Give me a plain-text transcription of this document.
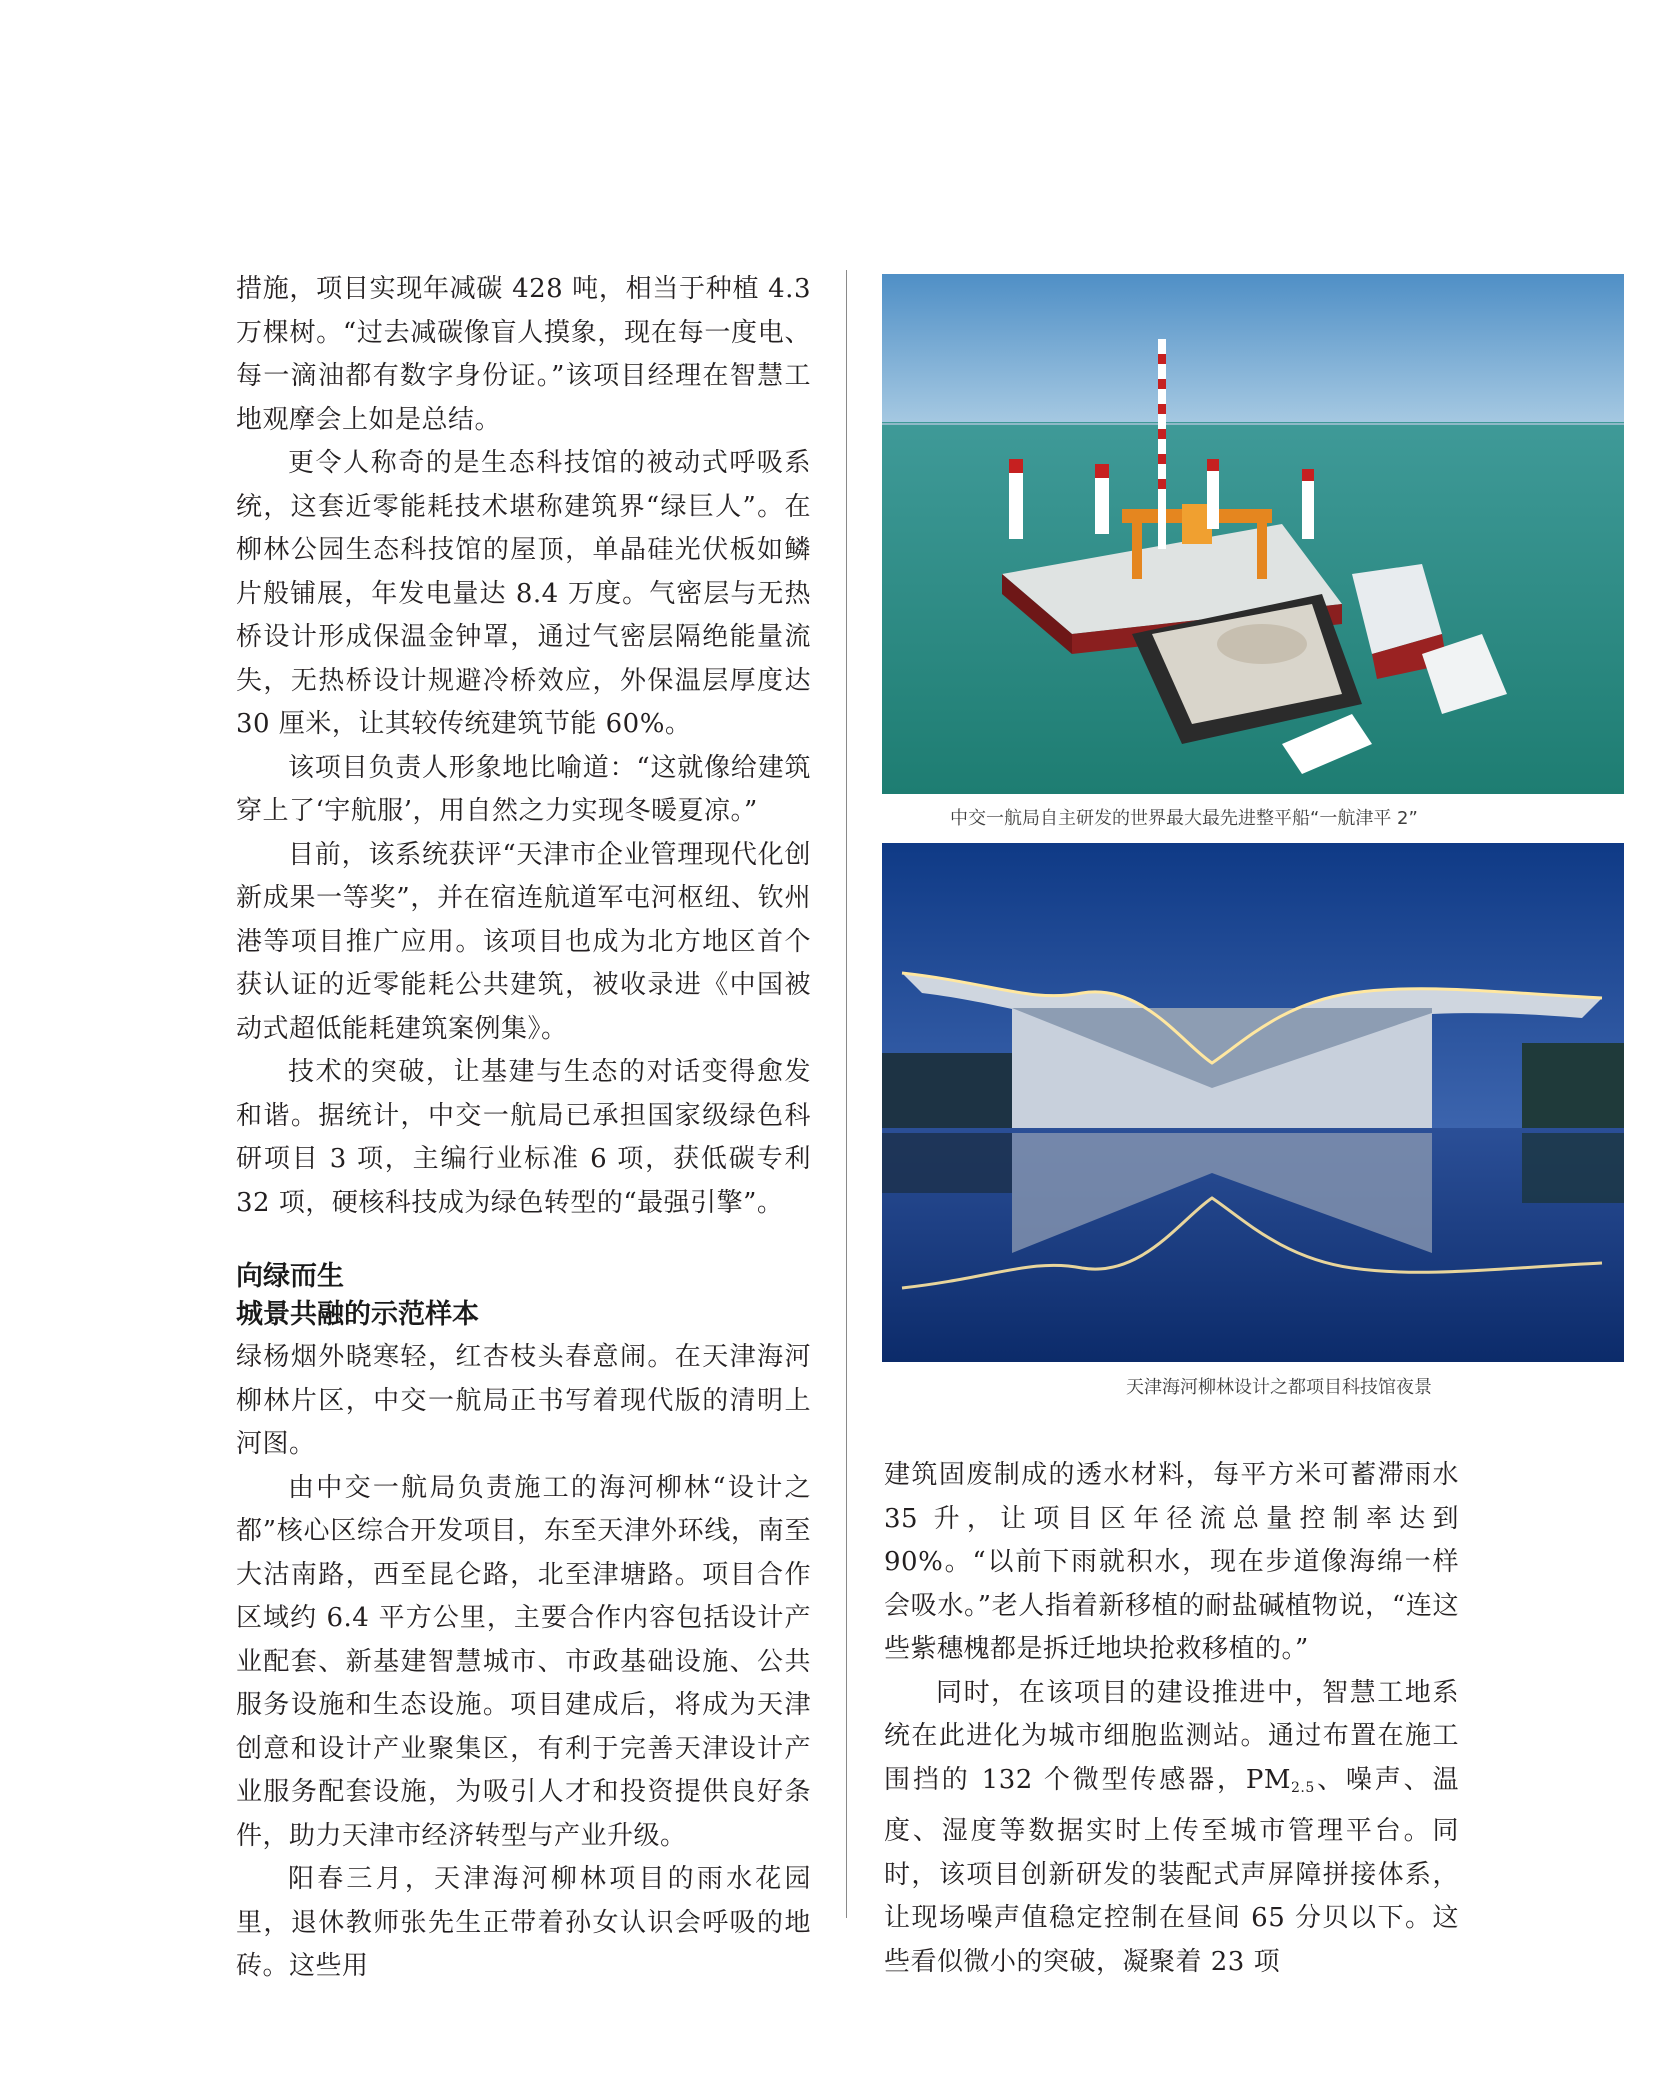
措施，项目实现年减碳 428 吨，相当于种植 4.3 万棵树。“过去减碳像盲人摸象，现在每一度电、每一滴油都有数字身份证。”该项目经理在智慧工地观摩会上如是总结。

更令人称奇的是生态科技馆的被动式呼吸系统，这套近零能耗技术堪称建筑界“绿巨人”。在柳林公园生态科技馆的屋顶，单晶硅光伏板如鳞片般铺展，年发电量达 8.4 万度。气密层与无热桥设计形成保温金钟罩，通过气密层隔绝能量流失，无热桥设计规避冷桥效应，外保温层厚度达 30 厘米，让其较传统建筑节能 60%。

该项目负责人形象地比喻道：“这就像给建筑穿上了‘宇航服’，用自然之力实现冬暖夏凉。”

目前，该系统获评“天津市企业管理现代化创新成果一等奖”，并在宿连航道军屯河枢纽、钦州港等项目推广应用。该项目也成为北方地区首个获认证的近零能耗公共建筑，被收录进《中国被动式超低能耗建筑案例集》。

技术的突破，让基建与生态的对话变得愈发和谐。据统计，中交一航局已承担国家级绿色科研项目 3 项，主编行业标准 6 项，获低碳专利 32 项，硬核科技成为绿色转型的“最强引擎”。

向绿而生
城景共融的示范样本

绿杨烟外晓寒轻，红杏枝头春意闹。在天津海河柳林片区，中交一航局正书写着现代版的清明上河图。

由中交一航局负责施工的海河柳林“设计之都”核心区综合开发项目，东至天津外环线，南至大沽南路，西至昆仑路，北至津塘路。项目合作区域约 6.4 平方公里，主要合作内容包括设计产业配套、新基建智慧城市、市政基础设施、公共服务设施和生态设施。项目建成后，将成为天津创意和设计产业聚集区，有利于完善天津设计产业服务配套设施，为吸引人才和投资提供良好条件，助力天津市经济转型与产业升级。

阳春三月，天津海河柳林项目的雨水花园里，退休教师张先生正带着孙女认识会呼吸的地砖。这些用

中交一航局自主研发的世界最大最先进整平船“一航津平 2”
天津海河柳林设计之都项目科技馆夜景

建筑固废制成的透水材料，每平方米可蓄滞雨水 35 升，让项目区年径流总量控制率达到 90%。“以前下雨就积水，现在步道像海绵一样会吸水。”老人指着新移植的耐盐碱植物说，“连这些紫穗槐都是拆迁地块抢救移植的。”

同时，在该项目的建设推进中，智慧工地系统在此进化为城市细胞监测站。通过布置在施工围挡的 132 个微型传感器，$PM_{2.5}$、噪声、温度、湿度等数据实时上传至城市管理平台。同时，该项目创新研发的装配式声屏障拼接体系，让现场噪声值稳定控制在昼间 65 分贝以下。这些看似微小的突破，凝聚着 23 项
